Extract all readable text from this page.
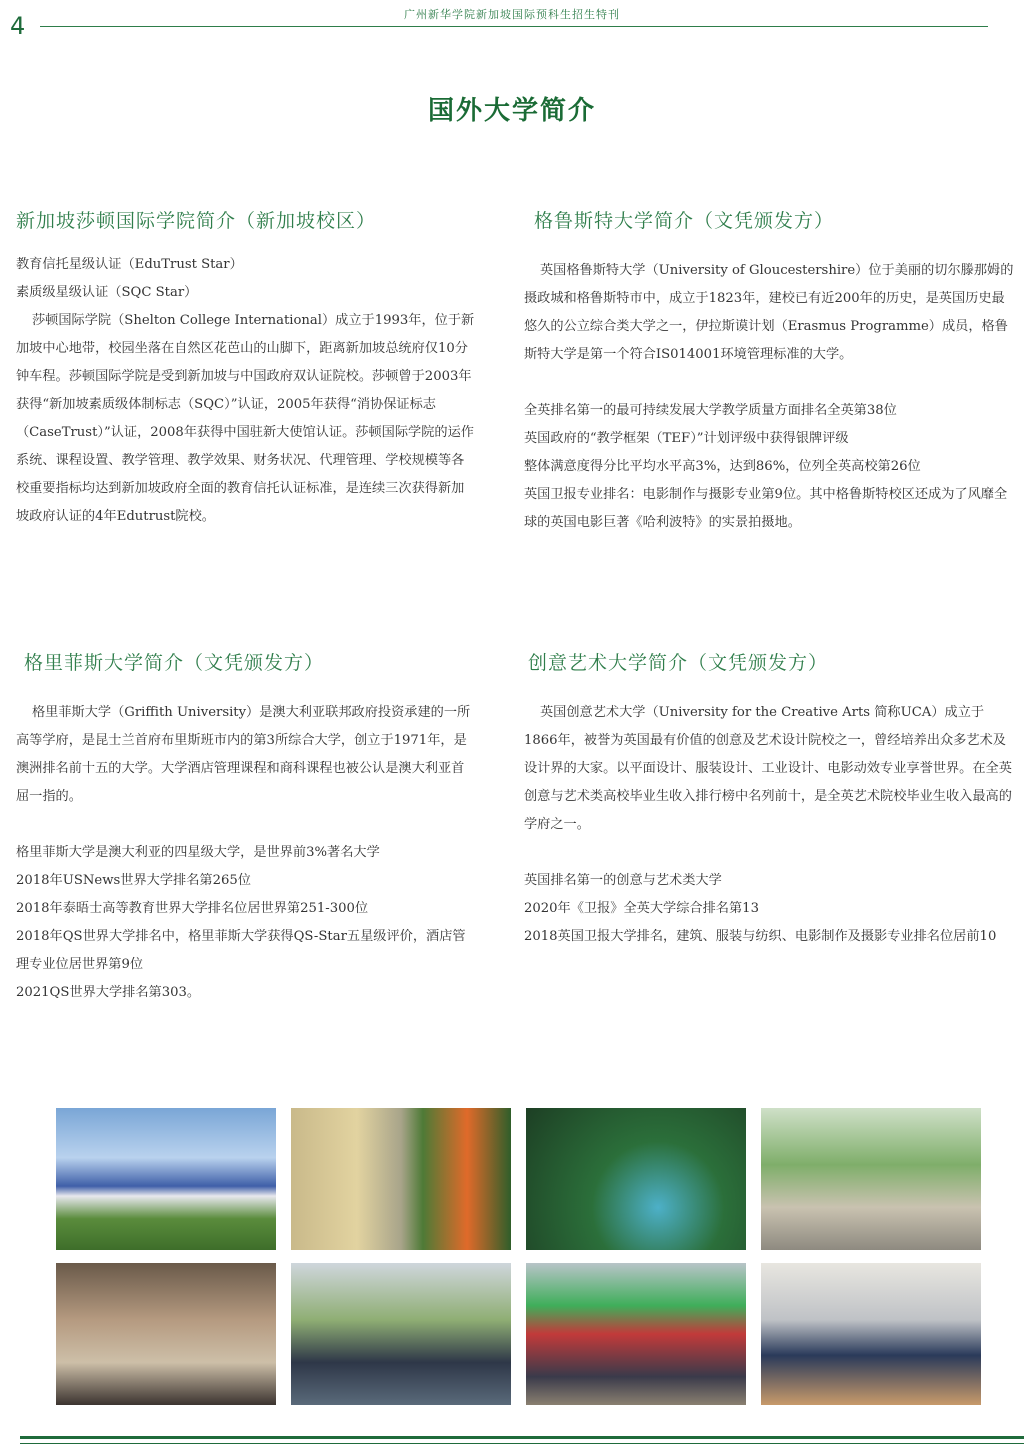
4	广州新华学院新加坡国际预科生招生特刊
国外大学简介
新加坡莎顿国际学院简介（新加坡校区）

教育信托星级认证（EduTrust Star）

素质级星级认证（SQC Star）

莎顿国际学院（Shelton College International）成立于1993年，位于新加坡中心地带，校园坐落在自然区花芭山的山脚下，距离新加坡总统府仅10分钟车程。莎顿国际学院是受到新加坡与中国政府双认证院校。莎顿曾于2003年获得“新加坡素质级体制标志（SQC）”认证，2005年获得“消协保证标志（CaseTrust）”认证，2008年获得中国驻新大使馆认证。莎顿国际学院的运作系统、课程设置、教学管理、教学效果、财务状况、代理管理、学校规模等各校重要指标均达到新加坡政府全面的教育信托认证标准，是连续三次获得新加坡政府认证的4年Edutrust院校。

格鲁斯特大学简介（文凭颁发方）

英国格鲁斯特大学（University of Gloucestershire）位于美丽的切尔滕那姆的摄政城和格鲁斯特市中，成立于1823年，建校已有近200年的历史，是英国历史最悠久的公立综合类大学之一，伊拉斯谟计划（Erasmus Programme）成员，格鲁斯特大学是第一个符合IS014001环境管理标准的大学。

全英排名第一的最可持续发展大学教学质量方面排名全英第38位

英国政府的“教学框架（TEF）”计划评级中获得银牌评级

整体满意度得分比平均水平高3%，达到86%，位列全英高校第26位

英国卫报专业排名：电影制作与摄影专业第9位。其中格鲁斯特校区还成为了风靡全球的英国电影巨著《哈利波特》的实景拍摄地。

格里菲斯大学简介（文凭颁发方）

格里菲斯大学（Griffith University）是澳大利亚联邦政府投资承建的一所高等学府，是昆士兰首府布里斯班市内的第3所综合大学，创立于1971年，是澳洲排名前十五的大学。大学酒店管理课程和商科课程也被公认是澳大利亚首屈一指的。

格里菲斯大学是澳大利亚的四星级大学，是世界前3%著名大学

2018年USNews世界大学排名第265位

2018年泰晤士高等教育世界大学排名位居世界第251-300位

2018年QS世界大学排名中，格里菲斯大学获得QS-Star五星级评价，酒店管理专业位居世界第9位

2021QS世界大学排名第303。

创意艺术大学简介（文凭颁发方）

英国创意艺术大学（University for the Creative Arts 简称UCA）成立于1866年，被誉为英国最有价值的创意及艺术设计院校之一，曾经培养出众多艺术及设计界的大家。以平面设计、服装设计、工业设计、电影动效专业享誉世界。在全英创意与艺术类高校毕业生收入排行榜中名列前十，是全英艺术院校毕业生收入最高的学府之一。

英国排名第一的创意与艺术类大学

2020年《卫报》全英大学综合排名第13

2018英国卫报大学排名，建筑、服装与纺织、电影制作及摄影专业排名位居前10
